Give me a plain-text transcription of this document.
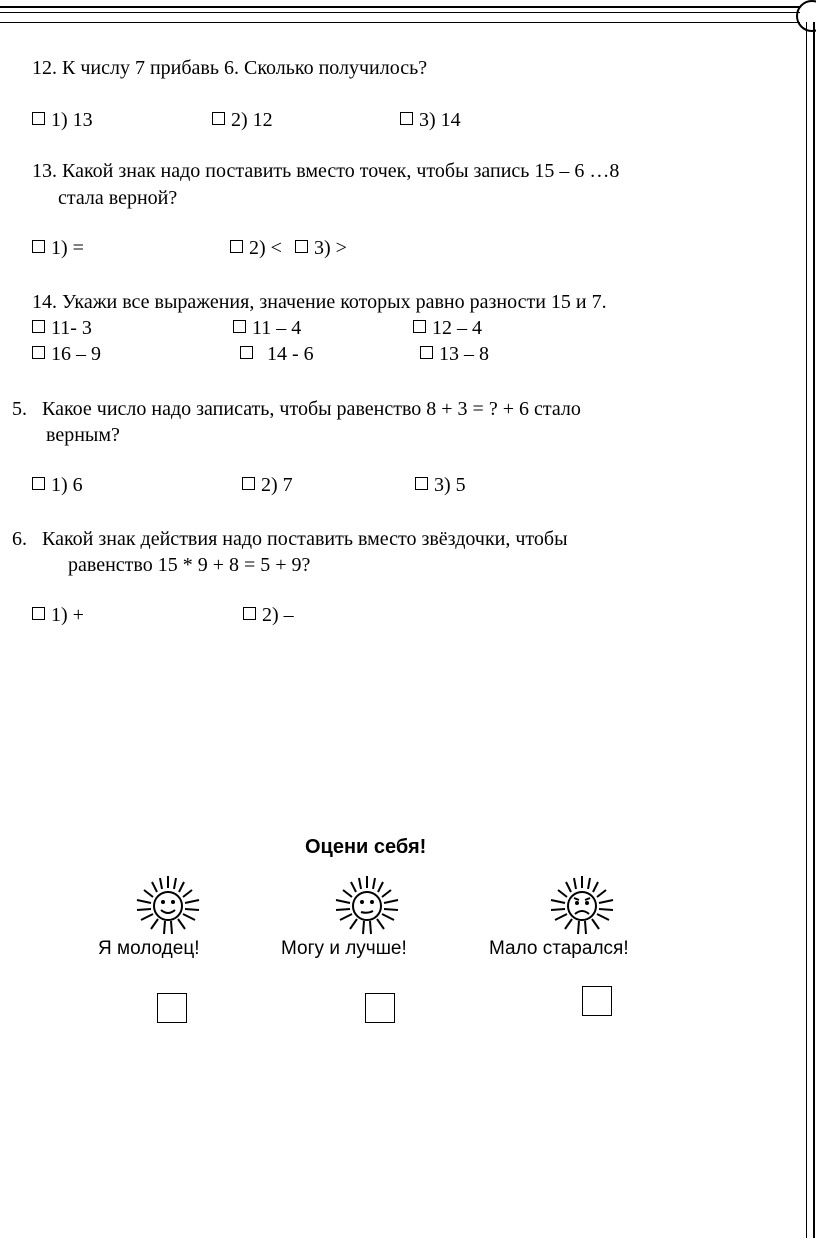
12. К числу 7 прибавь 6. Сколько получилось?
1) 13	2) 12	3) 14
13. Какой знак надо поставить вместо точек, чтобы запись 15 – 6 …8
стала верной?
1) =	2) <	3) >
14. Укажи все выражения, значение которых равно разности 15 и 7.
11- 3	11 – 4	12 – 4
16 – 9	14 - 6	13 – 8
5.   Какое число надо записать, чтобы равенство 8 + 3 = ? + 6 стало
верным?
1) 6	2) 7	3) 5
6.   Какой знак действия надо поставить вместо звёздочки, чтобы
равенство 15 * 9 + 8 = 5 + 9?
1) +	2) –
Оцени себя!
Я молодец!	Могу и лучше!	Мало старался!
